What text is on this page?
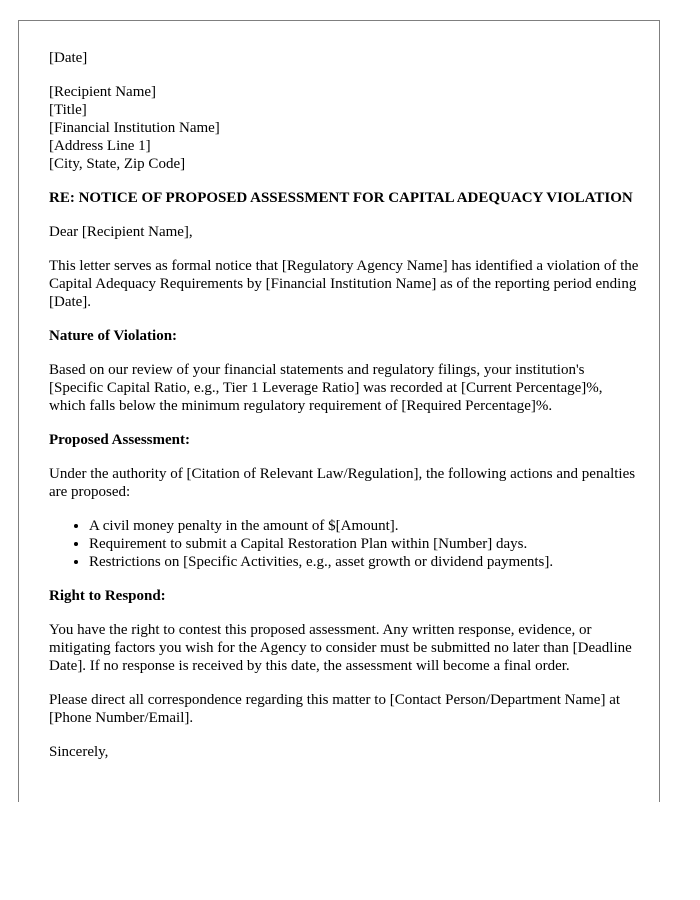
[Date]
[Recipient Name]
[Title]
[Financial Institution Name]
[Address Line 1]
[City, State, Zip Code]
RE: NOTICE OF PROPOSED ASSESSMENT FOR CAPITAL ADEQUACY VIOLATION
Dear [Recipient Name],
This letter serves as formal notice that [Regulatory Agency Name] has identified a violation of the Capital Adequacy Requirements by [Financial Institution Name] as of the reporting period ending [Date].
Nature of Violation:
Based on our review of your financial statements and regulatory filings, your institution's [Specific Capital Ratio, e.g., Tier 1 Leverage Ratio] was recorded at [Current Percentage]%, which falls below the minimum regulatory requirement of [Required Percentage]%.
Proposed Assessment:
Under the authority of [Citation of Relevant Law/Regulation], the following actions and penalties are proposed:
• A civil money penalty in the amount of $[Amount].
• Requirement to submit a Capital Restoration Plan within [Number] days.
• Restrictions on [Specific Activities, e.g., asset growth or dividend payments].
Right to Respond:
You have the right to contest this proposed assessment. Any written response, evidence, or mitigating factors you wish for the Agency to consider must be submitted no later than [Deadline Date]. If no response is received by this date, the assessment will become a final order.
Please direct all correspondence regarding this matter to [Contact Person/Department Name] at [Phone Number/Email].
Sincerely,
